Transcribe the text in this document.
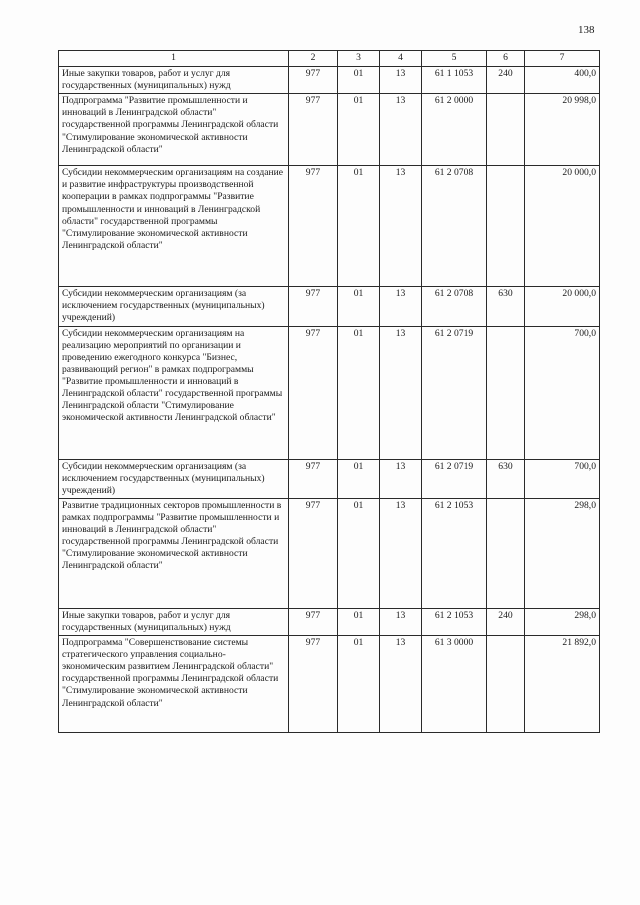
138
1	2	3	4	5	6	7
Иные закупки товаров, работ и услуг для государственных (муниципальных) нужд	977	01	13	61 1 1053	240	400,0
Подпрограмма "Развитие промышленности и инноваций в Ленинградской области" государственной программы Ленинградской области "Стимулирование экономической активности Ленинградской области"	977	01	13	61 2 0000		20 998,0
Субсидии некоммерческим организациям на создание и развитие инфраструктуры производственной кооперации в рамках подпрограммы "Развитие промышленности и инноваций в Ленинградской области" государственной программы "Стимулирование экономической активности Ленинградской области"	977	01	13	61 2 0708		20 000,0
Субсидии некоммерческим организациям (за исключением государственных (муниципальных) учреждений)	977	01	13	61 2 0708	630	20 000,0
Субсидии некоммерческим организациям на реализацию мероприятий по организации и проведению ежегодного конкурса "Бизнес, развивающий регион" в рамках подпрограммы "Развитие промышленности и инноваций в Ленинградской области" государственной программы Ленинградской области "Стимулирование экономической активности Ленинградской области"	977	01	13	61 2 0719		700,0
Субсидии некоммерческим организациям (за исключением государственных (муниципальных) учреждений)	977	01	13	61 2 0719	630	700,0
Развитие традиционных секторов промышленности в рамках подпрограммы "Развитие промышленности и инноваций в Ленинградской области" государственной программы Ленинградской области "Стимулирование экономической активности Ленинградской области"	977	01	13	61 2 1053		298,0
Иные закупки товаров, работ и услуг для государственных (муниципальных) нужд	977	01	13	61 2 1053	240	298,0
Подпрограмма "Совершенствование системы стратегического управления социально-экономическим развитием Ленинградской области" государственной программы Ленинградской области "Стимулирование экономической активности Ленинградской области"	977	01	13	61 3 0000		21 892,0
